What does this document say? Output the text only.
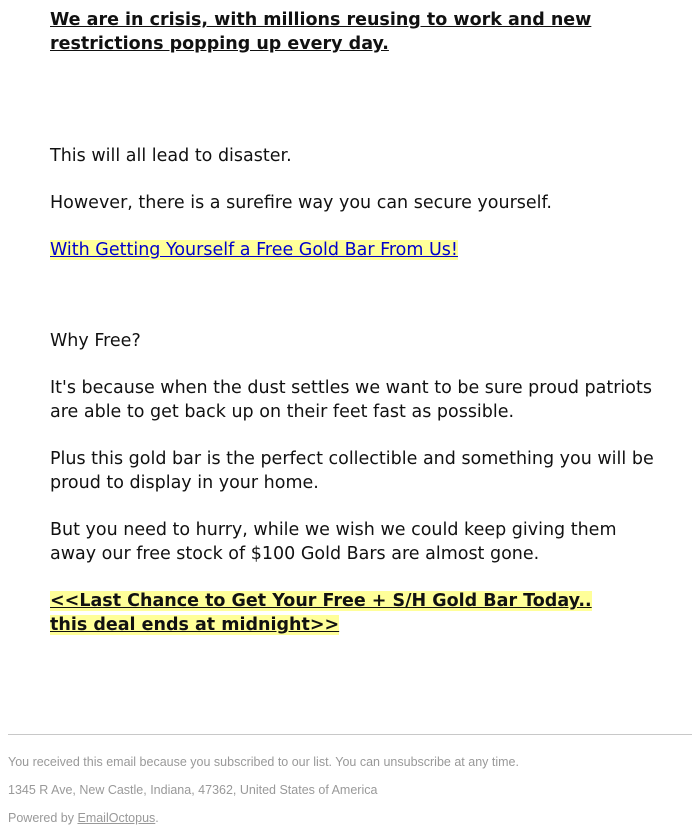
We are in crisis, with millions reusing to work and new restrictions popping up every day.

This will all lead to disaster.

However, there is a surefire way you can secure yourself.

With Getting Yourself a Free Gold Bar From Us!

Why Free?

It's because when the dust settles we want to be sure proud patriots are able to get back up on their feet fast as possible.

Plus this gold bar is the perfect collectible and something you will be proud to display in your home.

But you need to hurry, while we wish we could keep giving them away our free stock of $100 Gold Bars are almost gone.

<<Last Chance to Get Your Free + S/H Gold Bar Today..
this deal ends at midnight>>

You received this email because you subscribed to our list. You can unsubscribe at any time.
1345 R Ave, New Castle, Indiana, 47362, United States of America
Powered by EmailOctopus.
